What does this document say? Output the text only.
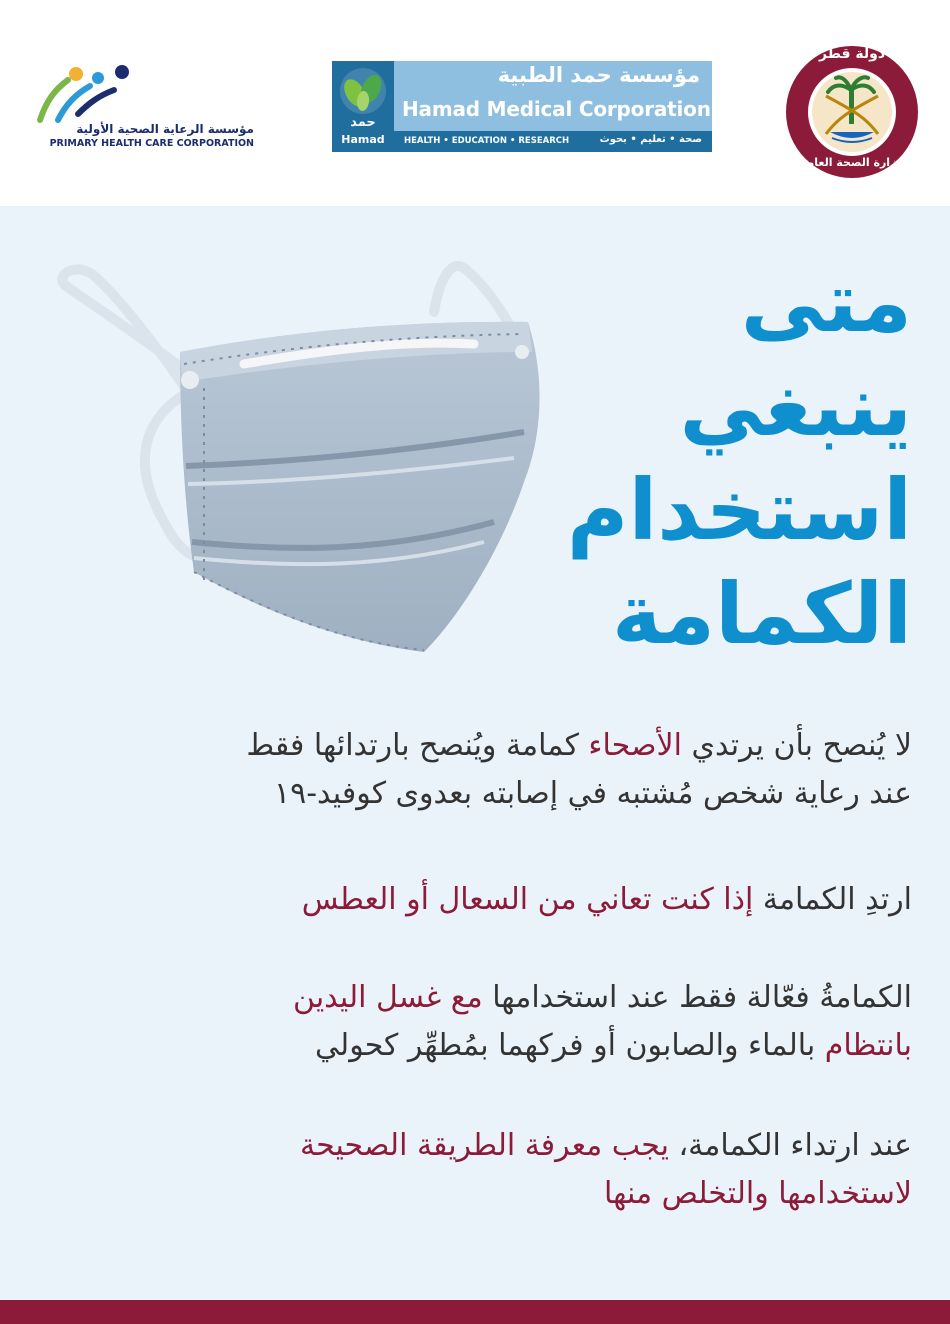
مؤسسة الرعاية الصحية الأولية
PRIMARY HEALTH CARE CORPORATION
حمد
Hamad
مؤسسة حمد الطبية
Hamad Medical Corporation
HEALTH • EDUCATION • RESEARCH	صحة • تعليم • بحوث
دولة قطر
وزارة الصحة العامة
متى
ينبغي
استخدام
الكمامة
لا يُنصح بأن يرتدي الأصحاء كمامة ويُنصح بارتدائها فقط
عند رعاية شخص مُشتبه في إصابته بعدوى كوفيد-١٩
ارتدِ الكمامة إذا كنت تعاني من السعال أو العطس
الكمامةُ فعّالة فقط عند استخدامها مع غسل اليدين
بانتظام بالماء والصابون أو فركهما بمُطهِّر كحولي
عند ارتداء الكمامة، يجب معرفة الطريقة الصحيحة
لاستخدامها والتخلص منها
